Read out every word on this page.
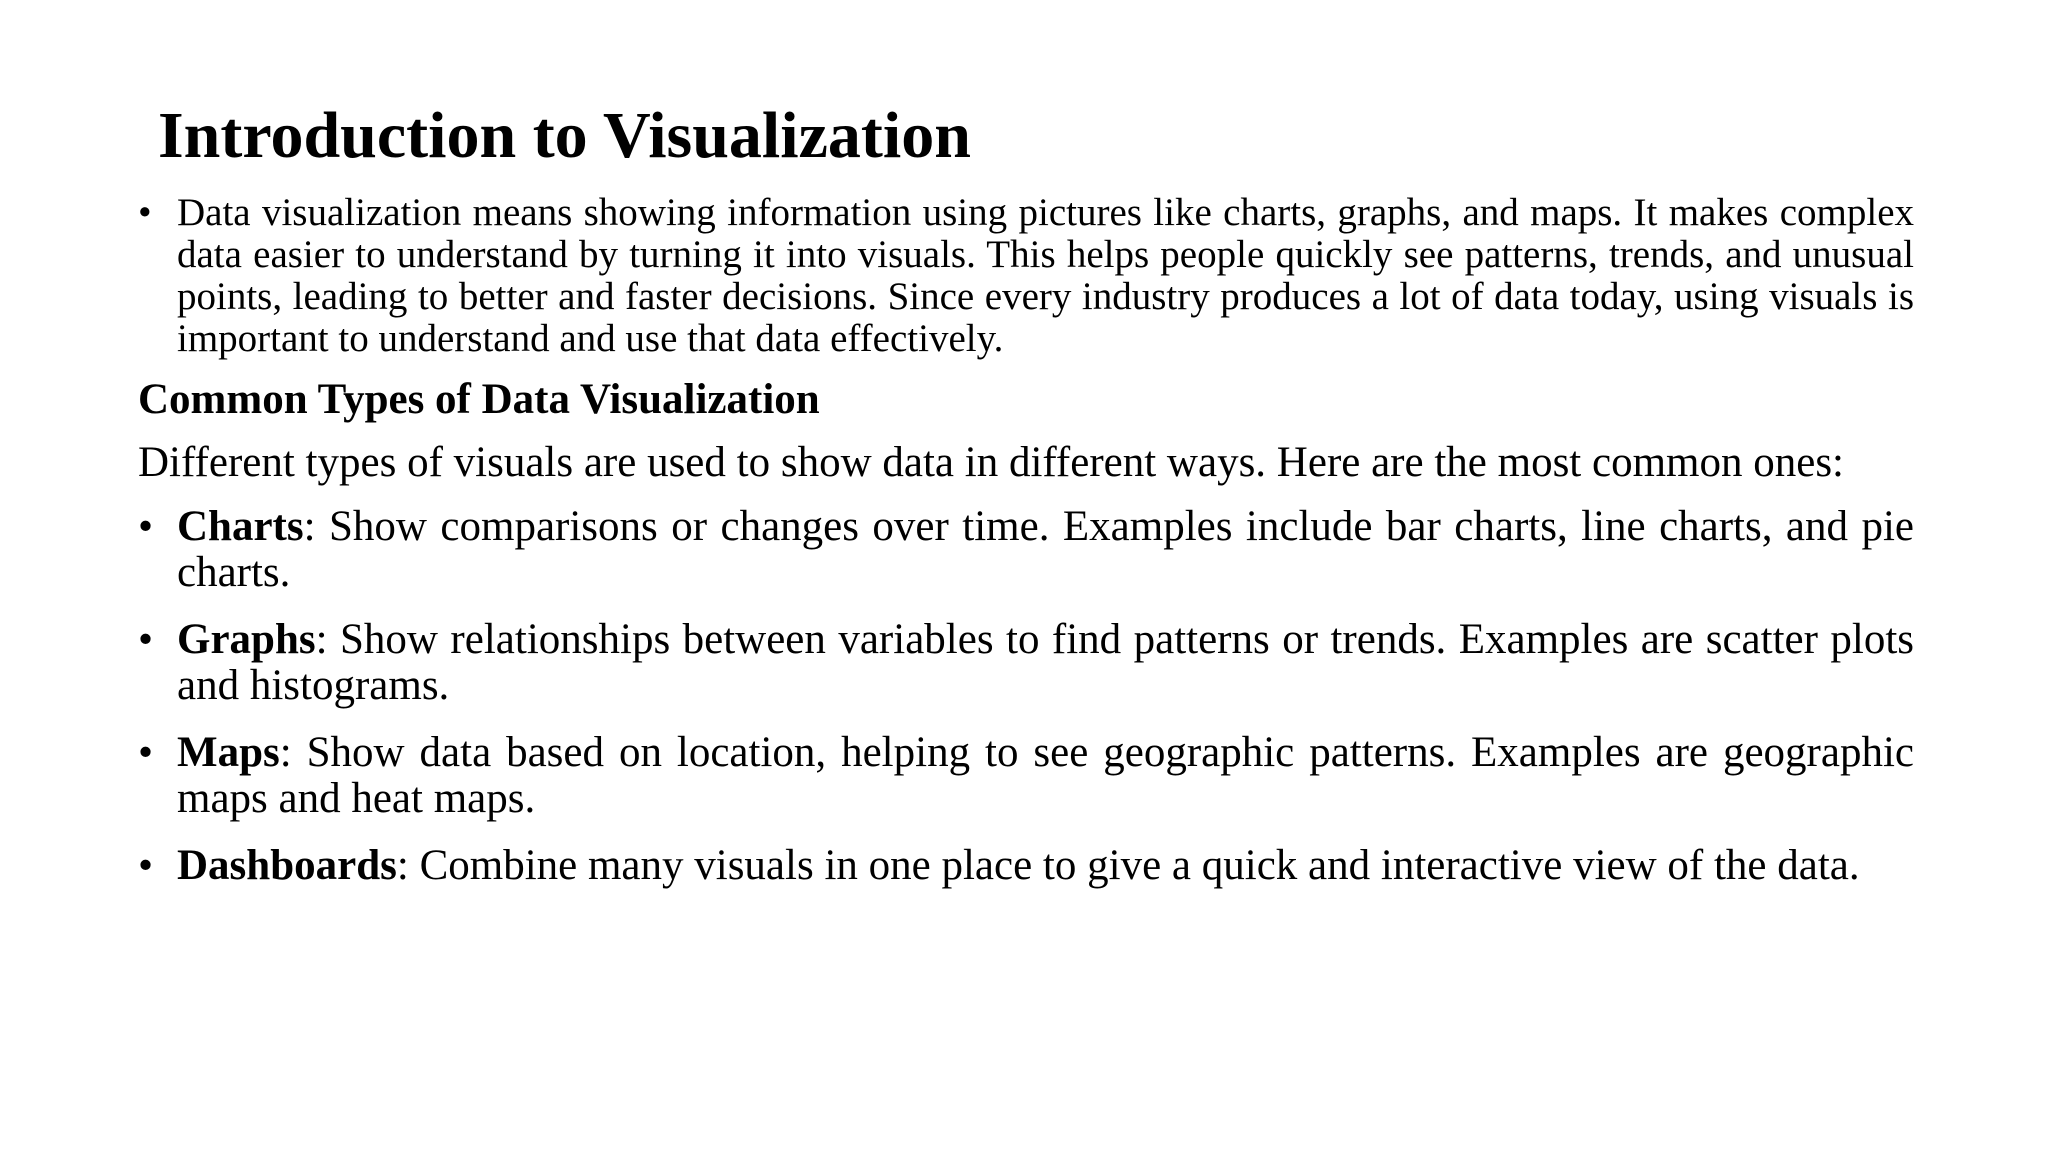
Introduction to Visualization
• Data visualization means showing information using pictures like charts, graphs, and maps. It makes complex data easier to understand by turning it into visuals. This helps people quickly see patterns, trends, and unusual points, leading to better and faster decisions. Since every industry produces a lot of data today, using visuals is important to understand and use that data effectively.
Common Types of Data Visualization
Different types of visuals are used to show data in different ways. Here are the most common ones:
• Charts: Show comparisons or changes over time. Examples include bar charts, line charts, and pie charts.
• Graphs: Show relationships between variables to find patterns or trends. Examples are scatter plots and histograms.
• Maps: Show data based on location, helping to see geographic patterns. Examples are geographic maps and heat maps.
• Dashboards: Combine many visuals in one place to give a quick and interactive view of the data.
